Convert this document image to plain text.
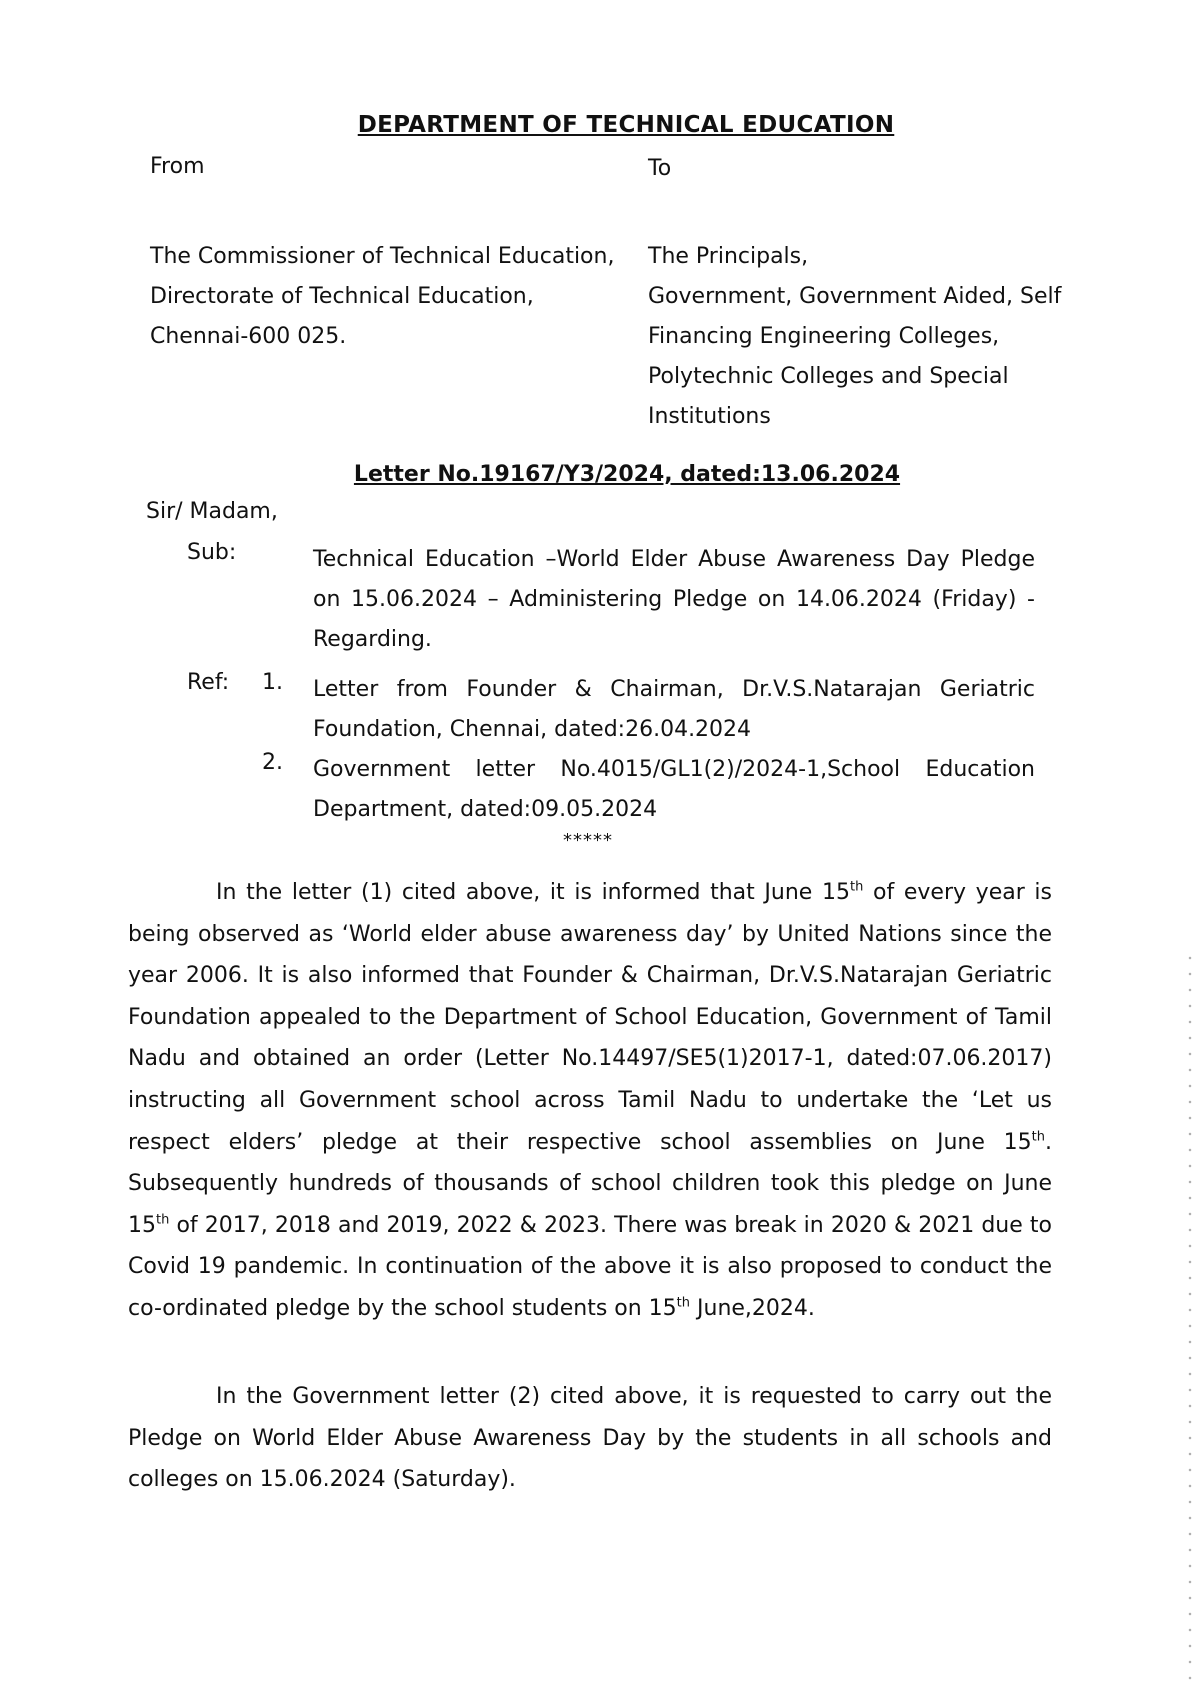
DEPARTMENT OF TECHNICAL EDUCATION
From	To
The Commissioner of Technical Education,
Directorate of Technical Education,
Chennai-600 025.
The Principals,
Government, Government Aided, Self
Financing Engineering Colleges,
Polytechnic Colleges and Special
Institutions
Letter No.19167/Y3/2024, dated:13.06.2024
Sir/ Madam,
Sub:	Technical Education –World Elder Abuse Awareness Day Pledge on 15.06.2024 – Administering Pledge on 14.06.2024 (Friday) - Regarding.
Ref: 1. Letter from Founder & Chairman, Dr.V.S.Natarajan Geriatric Foundation, Chennai, dated:26.04.2024
2. Government letter No.4015/GL1(2)/2024-1,School Education Department, dated:09.05.2024
*****

In the letter (1) cited above, it is informed that June 15th of every year is being observed as ‘World elder abuse awareness day’ by United Nations since the year 2006. It is also informed that Founder & Chairman, Dr.V.S.Natarajan Geriatric Foundation appealed to the Department of School Education, Government of Tamil Nadu and obtained an order (Letter No.14497/SE5(1)2017-1, dated:07.06.2017) instructing all Government school across Tamil Nadu to undertake the ‘Let us respect elders’ pledge at their respective school assemblies on June 15th. Subsequently hundreds of thousands of school children took this pledge on June 15th of 2017, 2018 and 2019, 2022 & 2023. There was break in 2020 & 2021 due to Covid 19 pandemic. In continuation of the above it is also proposed to conduct the co-ordinated pledge by the school students on 15th June,2024.

In the Government letter (2) cited above, it is requested to carry out the Pledge on World Elder Abuse Awareness Day by the students in all schools and colleges on 15.06.2024 (Saturday).
